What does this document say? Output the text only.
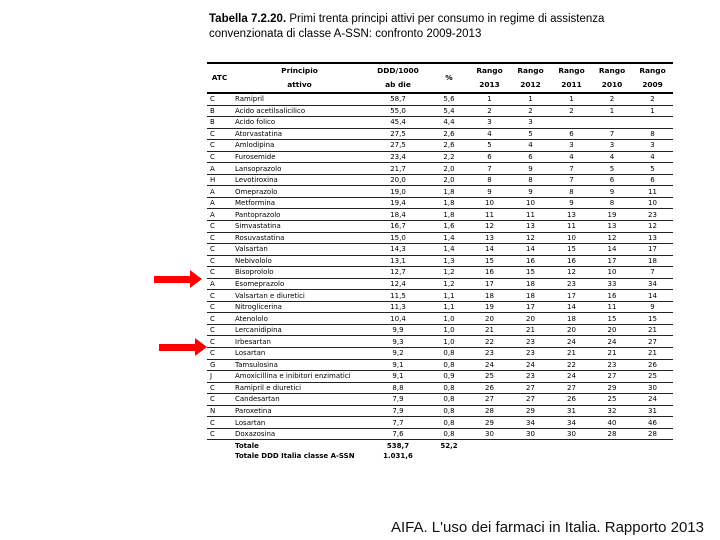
Tabella 7.2.20. Primi trenta principi attivi per consumo in regime di assistenza convenzionata di classe A-SSN: confronto 2009-2013
ATC	Principio	DDD/1000	%	Rango	Rango	Rango	Rango	Rango
	attivo	ab die		2013	2012	2011	2010	2009
C	Ramipril	58,7	5,6	1	1	1	2	2
B	Acido acetilsalicilico	55,0	5,4	2	2	2	1	1
B	Acido folico	45,4	4,4	3	3			
C	Atorvastatina	27,5	2,6	4	5	6	7	8
C	Amlodipina	27,5	2,6	5	4	3	3	3
C	Furosemide	23,4	2,2	6	6	4	4	4
A	Lansoprazolo	21,7	2,0	7	9	7	5	5
H	Levotiroxina	20,0	2,0	8	8	7	6	6
A	Omeprazolo	19,0	1,8	9	9	8	9	11
A	Metformina	19,4	1,8	10	10	9	8	10
A	Pantoprazolo	18,4	1,8	11	11	13	19	23
C	Simvastatina	16,7	1,6	12	13	11	13	12
C	Rosuvastatina	15,0	1,4	13	12	10	12	13
C	Valsartan	14,3	1,4	14	14	15	14	17
C	Nebivololo	13,1	1,3	15	16	16	17	18
C	Bisoprololo	12,7	1,2	16	15	12	10	7
A	Esomeprazolo	12,4	1,2	17	18	23	33	34
C	Valsartan e diuretici	11,5	1,1	18	18	17	16	14
C	Nitroglicerina	11,3	1,1	19	17	14	11	9
C	Atenololo	10,4	1,0	20	20	18	15	15
C	Lercanidipina	9,9	1,0	21	21	20	20	21
C	Irbesartan	9,3	1,0	22	23	24	24	27
C	Losartan	9,2	0,8	23	23	21	21	21
G	Tamsulosina	9,1	0,8	24	24	22	23	26
J	Amoxicillina e inibitori enzimatici	9,1	0,9	25	23	24	27	25
C	Ramipril e diuretici	8,8	0,8	26	27	27	29	30
C	Candesartan	7,9	0,8	27	27	26	25	24
N	Paroxetina	7,9	0,8	28	29	31	32	31
C	Losartan	7,7	0,8	29	34	34	40	46
C	Doxazosina	7,6	0,8	30	30	30	28	28
	Totale	538,7	52,2					
	Totale DDD Italia classe A-SSN	1.031,6						
AIFA. L'uso dei farmaci in Italia. Rapporto 2013
